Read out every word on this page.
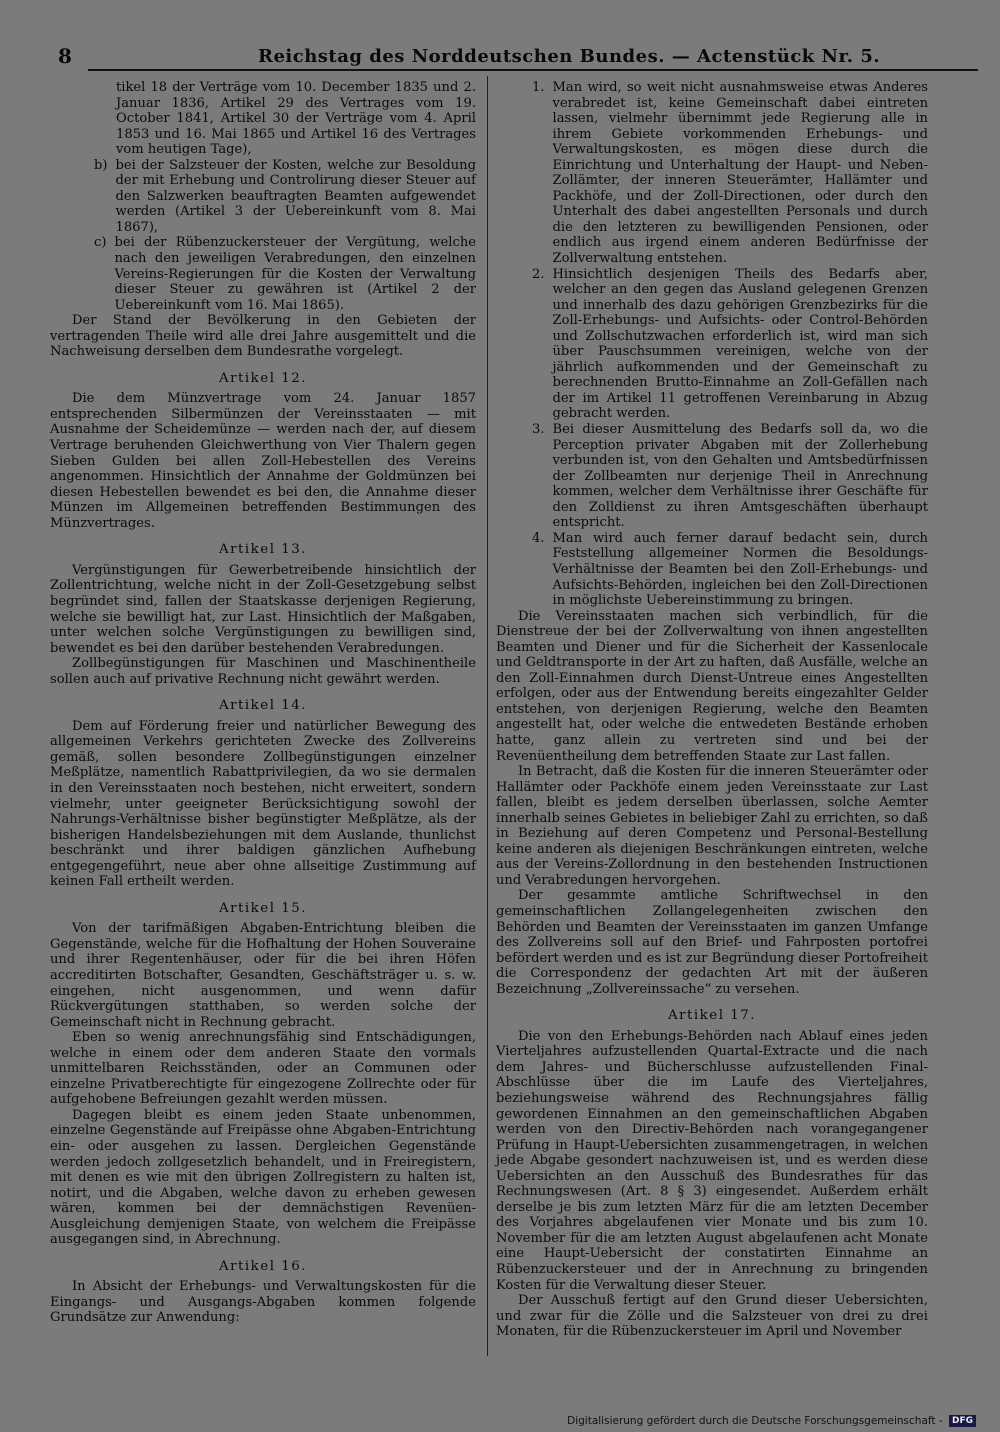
8	Reichstag des Norddeutschen Bundes. — Actenstück Nr. 5.

tikel 18 der Verträge vom 10. December 1835 und 2. Januar 1836, Artikel 29 des Vertrages vom 19. October 1841, Artikel 30 der Verträge vom 4. April 1853 und 16. Mai 1865 und Artikel 16 des Vertrages vom heutigen Tage),

b) bei der Salzsteuer der Kosten, welche zur Besoldung der mit Erhebung und Controlirung dieser Steuer auf den Salzwerken beauftragten Beamten aufgewendet werden (Artikel 3 der Uebereinkunft vom 8. Mai 1867),
c) bei der Rübenzuckersteuer der Vergütung, welche nach den jeweiligen Verabredungen, den einzelnen Vereins-Regierungen für die Kosten der Verwaltung dieser Steuer zu gewähren ist (Artikel 2 der Uebereinkunft vom 16. Mai 1865).

Der Stand der Bevölkerung in den Gebieten der vertragenden Theile wird alle drei Jahre ausgemittelt und die Nachweisung derselben dem Bundesrathe vorgelegt.

Artikel 12.

Die dem Münzvertrage vom 24. Januar 1857 entsprechenden Silbermünzen der Vereinsstaaten — mit Ausnahme der Scheidemünze — werden nach der, auf diesem Vertrage beruhenden Gleichwerthung von Vier Thalern gegen Sieben Gulden bei allen Zoll-Hebestellen des Vereins angenommen. Hinsichtlich der Annahme der Goldmünzen bei diesen Hebestellen bewendet es bei den, die Annahme dieser Münzen im Allgemeinen betreffenden Bestimmungen des Münzvertrages.

Artikel 13.

Vergünstigungen für Gewerbetreibende hinsichtlich der Zollentrichtung, welche nicht in der Zoll-Gesetzgebung selbst begründet sind, fallen der Staatskasse derjenigen Regierung, welche sie bewilligt hat, zur Last. Hinsichtlich der Maßgaben, unter welchen solche Vergünstigungen zu bewilligen sind, bewendet es bei den darüber bestehenden Verabredungen.

Zollbegünstigungen für Maschinen und Maschinentheile sollen auch auf privative Rechnung nicht gewährt werden.

Artikel 14.

Dem auf Förderung freier und natürlicher Bewegung des allgemeinen Verkehrs gerichteten Zwecke des Zollvereins gemäß, sollen besondere Zollbegünstigungen einzelner Meßplätze, namentlich Rabattprivilegien, da wo sie dermalen in den Vereinsstaaten noch bestehen, nicht erweitert, sondern vielmehr, unter geeigneter Berücksichtigung sowohl der Nahrungs-Verhältnisse bisher begünstigter Meßplätze, als der bisherigen Handelsbeziehungen mit dem Auslande, thunlichst beschränkt und ihrer baldigen gänzlichen Aufhebung entgegengeführt, neue aber ohne allseitige Zustimmung auf keinen Fall ertheilt werden.

Artikel 15.

Von der tarifmäßigen Abgaben-Entrichtung bleiben die Gegenstände, welche für die Hofhaltung der Hohen Souveraine und ihrer Regentenhäuser, oder für die bei ihren Höfen accreditirten Botschafter, Gesandten, Geschäftsträger u. s. w. eingehen, nicht ausgenommen, und wenn dafür Rückvergütungen statthaben, so werden solche der Gemeinschaft nicht in Rechnung gebracht.

Eben so wenig anrechnungsfähig sind Entschädigungen, welche in einem oder dem anderen Staate den vormals unmittelbaren Reichsständen, oder an Communen oder einzelne Privatberechtigte für eingezogene Zollrechte oder für aufgehobene Befreiungen gezahlt werden müssen.

Dagegen bleibt es einem jeden Staate unbenommen, einzelne Gegenstände auf Freipässe ohne Abgaben-Entrichtung ein- oder ausgehen zu lassen. Dergleichen Gegenstände werden jedoch zollgesetzlich behandelt, und in Freiregistern, mit denen es wie mit den übrigen Zollregistern zu halten ist, notirt, und die Abgaben, welche davon zu erheben gewesen wären, kommen bei der demnächstigen Revenüen-Ausgleichung demjenigen Staate, von welchem die Freipässe ausgegangen sind, in Abrechnung.

Artikel 16.

In Absicht der Erhebungs- und Verwaltungskosten für die Eingangs- und Ausgangs-Abgaben kommen folgende Grundsätze zur Anwendung:

1. Man wird, so weit nicht ausnahmsweise etwas Anderes verabredet ist, keine Gemeinschaft dabei eintreten lassen, vielmehr übernimmt jede Regierung alle in ihrem Gebiete vorkommenden Erhebungs- und Verwaltungskosten, es mögen diese durch die Einrichtung und Unterhaltung der Haupt- und Neben-Zollämter, der inneren Steuerämter, Hallämter und Packhöfe, und der Zoll-Directionen, oder durch den Unterhalt des dabei angestellten Personals und durch die den letzteren zu bewilligenden Pensionen, oder endlich aus irgend einem anderen Bedürfnisse der Zollverwaltung entstehen.
2. Hinsichtlich desjenigen Theils des Bedarfs aber, welcher an den gegen das Ausland gelegenen Grenzen und innerhalb des dazu gehörigen Grenzbezirks für die Zoll-Erhebungs- und Aufsichts- oder Control-Behörden und Zollschutzwachen erforderlich ist, wird man sich über Pauschsummen vereinigen, welche von der jährlich aufkommenden und der Gemeinschaft zu berechnenden Brutto-Einnahme an Zoll-Gefällen nach der im Artikel 11 getroffenen Vereinbarung in Abzug gebracht werden.
3. Bei dieser Ausmittelung des Bedarfs soll da, wo die Perception privater Abgaben mit der Zollerhebung verbunden ist, von den Gehalten und Amtsbedürfnissen der Zollbeamten nur derjenige Theil in Anrechnung kommen, welcher dem Verhältnisse ihrer Geschäfte für den Zolldienst zu ihren Amtsgeschäften überhaupt entspricht.
4. Man wird auch ferner darauf bedacht sein, durch Feststellung allgemeiner Normen die Besoldungs-Verhältnisse der Beamten bei den Zoll-Erhebungs- und Aufsichts-Behörden, ingleichen bei den Zoll-Directionen in möglichste Uebereinstimmung zu bringen.

Die Vereinsstaaten machen sich verbindlich, für die Dienstreue der bei der Zollverwaltung von ihnen angestellten Beamten und Diener und für die Sicherheit der Kassenlocale und Geldtransporte in der Art zu haften, daß Ausfälle, welche an den Zoll-Einnahmen durch Dienst-Untreue eines Angestellten erfolgen, oder aus der Entwendung bereits eingezahlter Gelder entstehen, von derjenigen Regierung, welche den Beamten angestellt hat, oder welche die entwedeten Bestände erhoben hatte, ganz allein zu vertreten sind und bei der Revenüentheilung dem betreffenden Staate zur Last fallen.

In Betracht, daß die Kosten für die inneren Steuerämter oder Hallämter oder Packhöfe einem jeden Vereinsstaate zur Last fallen, bleibt es jedem derselben überlassen, solche Aemter innerhalb seines Gebietes in beliebiger Zahl zu errichten, so daß in Beziehung auf deren Competenz und Personal-Bestellung keine anderen als diejenigen Beschränkungen eintreten, welche aus der Vereins-Zollordnung in den bestehenden Instructionen und Verabredungen hervorgehen.

Der gesammte amtliche Schriftwechsel in den gemeinschaftlichen Zollangelegenheiten zwischen den Behörden und Beamten der Vereinsstaaten im ganzen Umfange des Zollvereins soll auf den Brief- und Fahrposten portofrei befördert werden und es ist zur Begründung dieser Portofreiheit die Correspondenz der gedachten Art mit der äußeren Bezeichnung „Zollvereinssache“ zu versehen.

Artikel 17.

Die von den Erhebungs-Behörden nach Ablauf eines jeden Vierteljahres aufzustellenden Quartal-Extracte und die nach dem Jahres- und Bücherschlusse aufzustellenden Final-Abschlüsse über die im Laufe des Vierteljahres, beziehungsweise während des Rechnungsjahres fällig gewordenen Einnahmen an den gemeinschaftlichen Abgaben werden von den Directiv-Behörden nach vorangegangener Prüfung in Haupt-Uebersichten zusammengetragen, in welchen jede Abgabe gesondert nachzuweisen ist, und es werden diese Uebersichten an den Ausschuß des Bundesrathes für das Rechnungswesen (Art. 8 § 3) eingesendet. Außerdem erhält derselbe je bis zum letzten März für die am letzten December des Vorjahres abgelaufenen vier Monate und bis zum 10. November für die am letzten August abgelaufenen acht Monate eine Haupt-Uebersicht der constatirten Einnahme an Rübenzuckersteuer und der in Anrechnung zu bringenden Kosten für die Verwaltung dieser Steuer.

Der Ausschuß fertigt auf den Grund dieser Uebersichten, und zwar für die Zölle und die Salzsteuer von drei zu drei Monaten, für die Rübenzuckersteuer im April und November

Digitalisierung gefördert durch die Deutsche Forschungsgemeinschaft - DFG
